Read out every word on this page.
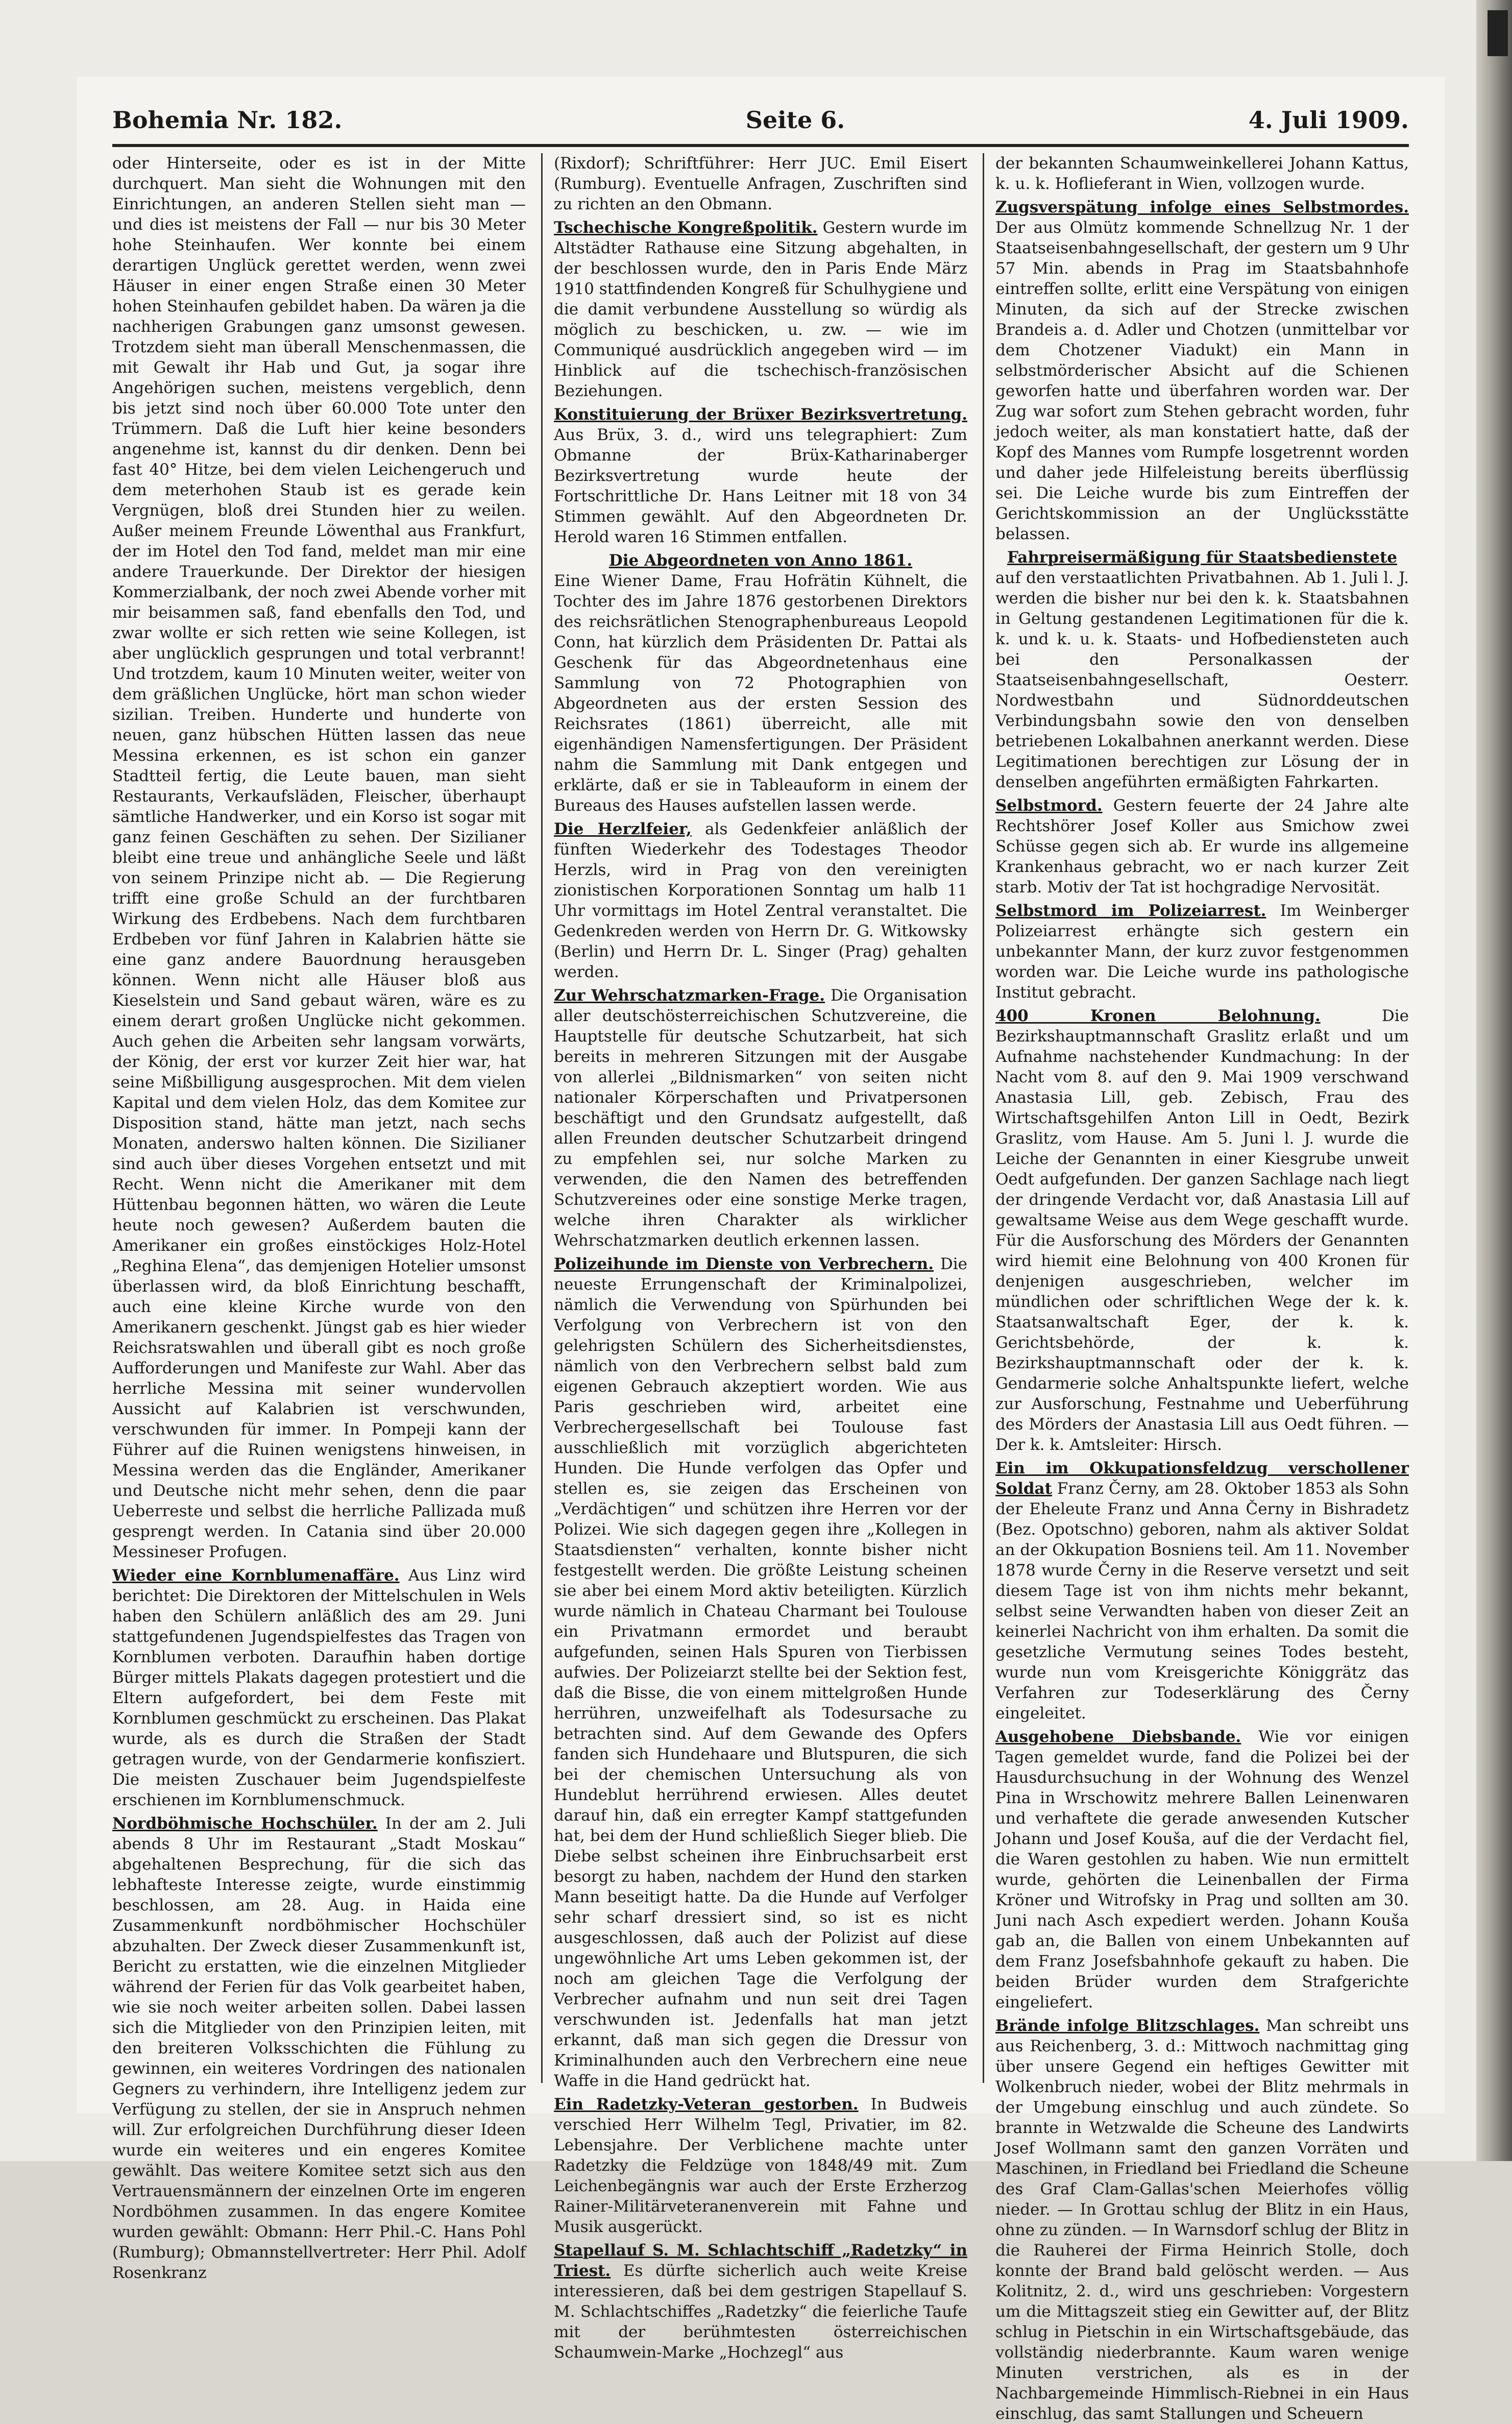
Bohemia Nr. 182.	Seite 6.	4. Juli 1909.

oder Hinterseite, oder es ist in der Mitte durchquert. Man sieht die Wohnungen mit den Einrichtungen, an anderen Stellen sieht man — und dies ist meistens der Fall — nur bis 30 Meter hohe Steinhaufen. Wer konnte bei einem derartigen Unglück gerettet werden, wenn zwei Häuser in einer engen Straße einen 30 Meter hohen Steinhaufen gebildet haben. Da wären ja die nachherigen Grabungen ganz umsonst gewesen. Trotzdem sieht man überall Menschenmassen, die mit Gewalt ihr Hab und Gut, ja sogar ihre Angehörigen suchen, meistens vergeblich, denn bis jetzt sind noch über 60.000 Tote unter den Trümmern. Daß die Luft hier keine besonders angenehme ist, kannst du dir denken. Denn bei fast 40° Hitze, bei dem vielen Leichengeruch und dem meterhohen Staub ist es gerade kein Vergnügen, bloß drei Stunden hier zu weilen. Außer meinem Freunde Löwenthal aus Frankfurt, der im Hotel den Tod fand, meldet man mir eine andere Trauerkunde. Der Direktor der hiesigen Kommerzialbank, der noch zwei Abende vorher mit mir beisammen saß, fand ebenfalls den Tod, und zwar wollte er sich retten wie seine Kollegen, ist aber unglücklich gesprungen und total verbrannt! Und trotzdem, kaum 10 Minuten weiter, weiter von dem gräßlichen Unglücke, hört man schon wieder sizilian. Treiben. Hunderte und hunderte von neuen, ganz hübschen Hütten lassen das neue Messina erkennen, es ist schon ein ganzer Stadtteil fertig, die Leute bauen, man sieht Restaurants, Verkaufsläden, Fleischer, überhaupt sämtliche Handwerker, und ein Korso ist sogar mit ganz feinen Geschäften zu sehen. Der Sizilianer bleibt eine treue und anhängliche Seele und läßt von seinem Prinzipe nicht ab. — Die Regierung trifft eine große Schuld an der furchtbaren Wirkung des Erdbebens. Nach dem furchtbaren Erdbeben vor fünf Jahren in Kalabrien hätte sie eine ganz andere Bauordnung herausgeben können. Wenn nicht alle Häuser bloß aus Kieselstein und Sand gebaut wären, wäre es zu einem derart großen Unglücke nicht gekommen. Auch gehen die Arbeiten sehr langsam vorwärts, der König, der erst vor kurzer Zeit hier war, hat seine Mißbilligung ausgesprochen. Mit dem vielen Kapital und dem vielen Holz, das dem Komitee zur Disposition stand, hätte man jetzt, nach sechs Monaten, anderswo halten können. Die Sizilianer sind auch über dieses Vorgehen entsetzt und mit Recht. Wenn nicht die Amerikaner mit dem Hüttenbau begonnen hätten, wo wären die Leute heute noch gewesen? Außerdem bauten die Amerikaner ein großes einstöckiges Holz-Hotel „Reghina Elena“, das demjenigen Hotelier umsonst überlassen wird, da bloß Einrichtung beschafft, auch eine kleine Kirche wurde von den Amerikanern geschenkt. Jüngst gab es hier wieder Reichsratswahlen und überall gibt es noch große Aufforderungen und Manifeste zur Wahl. Aber das herrliche Messina mit seiner wundervollen Aussicht auf Kalabrien ist verschwunden, verschwunden für immer. In Pompeji kann der Führer auf die Ruinen wenigstens hinweisen, in Messina werden das die Engländer, Amerikaner und Deutsche nicht mehr sehen, denn die paar Ueberreste und selbst die herrliche Pallizada muß gesprengt werden. In Catania sind über 20.000 Messineser Profugen.

Wieder eine Kornblumenaffäre. Aus Linz wird berichtet: Die Direktoren der Mittelschulen in Wels haben den Schülern anläßlich des am 29. Juni stattgefundenen Jugendspielfestes das Tragen von Kornblumen verboten. Daraufhin haben dortige Bürger mittels Plakats dagegen protestiert und die Eltern aufgefordert, bei dem Feste mit Kornblumen geschmückt zu erscheinen. Das Plakat wurde, als es durch die Straßen der Stadt getragen wurde, von der Gendarmerie konfisziert. Die meisten Zuschauer beim Jugendspielfeste erschienen im Kornblumenschmuck.

Nordböhmische Hochschüler. In der am 2. Juli abends 8 Uhr im Restaurant „Stadt Moskau“ abgehaltenen Besprechung, für die sich das lebhafteste Interesse zeigte, wurde einstimmig beschlossen, am 28. Aug. in Haida eine Zusammenkunft nordböhmischer Hochschüler abzuhalten. Der Zweck dieser Zusammenkunft ist, Bericht zu erstatten, wie die einzelnen Mitglieder während der Ferien für das Volk gearbeitet haben, wie sie noch weiter arbeiten sollen. Dabei lassen sich die Mitglieder von den Prinzipien leiten, mit den breiteren Volksschichten die Fühlung zu gewinnen, ein weiteres Vordringen des nationalen Gegners zu verhindern, ihre Intelligenz jedem zur Verfügung zu stellen, der sie in Anspruch nehmen will. Zur erfolgreichen Durchführung dieser Ideen wurde ein weiteres und ein engeres Komitee gewählt. Das weitere Komitee setzt sich aus den Vertrauensmännern der einzelnen Orte im engeren Nordböhmen zusammen. In das engere Komitee wurden gewählt: Obmann: Herr Phil.-C. Hans Pohl (Rumburg); Obmannstellvertreter: Herr Phil. Adolf Rosenkranz

(Rixdorf); Schriftführer: Herr JUC. Emil Eisert (Rumburg). Eventuelle Anfragen, Zuschriften sind zu richten an den Obmann.

Tschechische Kongreßpolitik. Gestern wurde im Altstädter Rathause eine Sitzung abgehalten, in der beschlossen wurde, den in Paris Ende März 1910 stattfindenden Kongreß für Schulhygiene und die damit verbundene Ausstellung so würdig als möglich zu beschicken, u. zw. — wie im Communiqué ausdrücklich angegeben wird — im Hinblick auf die tschechisch-französischen Beziehungen.

Konstituierung der Brüxer Bezirksvertretung. Aus Brüx, 3. d., wird uns telegraphiert: Zum Obmanne der Brüx-Katharinaberger Bezirksvertretung wurde heute der Fortschrittliche Dr. Hans Leitner mit 18 von 34 Stimmen gewählt. Auf den Abgeordneten Dr. Herold waren 16 Stimmen entfallen.

Die Abgeordneten von Anno 1861.
Eine Wiener Dame, Frau Hofrätin Kühnelt, die Tochter des im Jahre 1876 gestorbenen Direktors des reichsrätlichen Stenographenbureaus Leopold Conn, hat kürzlich dem Präsidenten Dr. Pattai als Geschenk für das Abgeordnetenhaus eine Sammlung von 72 Photographien von Abgeordneten aus der ersten Session des Reichsrates (1861) überreicht, alle mit eigenhändigen Namensfertigungen. Der Präsident nahm die Sammlung mit Dank entgegen und erklärte, daß er sie in Tableauform in einem der Bureaus des Hauses aufstellen lassen werde.

Die Herzlfeier, als Gedenkfeier anläßlich der fünften Wiederkehr des Todestages Theodor Herzls, wird in Prag von den vereinigten zionistischen Korporationen Sonntag um halb 11 Uhr vormittags im Hotel Zentral veranstaltet. Die Gedenkreden werden von Herrn Dr. G. Witkowsky (Berlin) und Herrn Dr. L. Singer (Prag) gehalten werden.

Zur Wehrschatzmarken-Frage. Die Organisation aller deutschösterreichischen Schutzvereine, die Hauptstelle für deutsche Schutzarbeit, hat sich bereits in mehreren Sitzungen mit der Ausgabe von allerlei „Bildnismarken“ von seiten nicht nationaler Körperschaften und Privatpersonen beschäftigt und den Grundsatz aufgestellt, daß allen Freunden deutscher Schutzarbeit dringend zu empfehlen sei, nur solche Marken zu verwenden, die den Namen des betreffenden Schutzvereines oder eine sonstige Merke tragen, welche ihren Charakter als wirklicher Wehrschatzmarken deutlich erkennen lassen.

Polizeihunde im Dienste von Verbrechern. Die neueste Errungenschaft der Kriminalpolizei, nämlich die Verwendung von Spürhunden bei Verfolgung von Verbrechern ist von den gelehrigsten Schülern des Sicherheitsdienstes, nämlich von den Verbrechern selbst bald zum eigenen Gebrauch akzeptiert worden. Wie aus Paris geschrieben wird, arbeitet eine Verbrechergesellschaft bei Toulouse fast ausschließlich mit vorzüglich abgerichteten Hunden. Die Hunde verfolgen das Opfer und stellen es, sie zeigen das Erscheinen von „Verdächtigen“ und schützen ihre Herren vor der Polizei. Wie sich dagegen gegen ihre „Kollegen in Staatsdiensten“ verhalten, konnte bisher nicht festgestellt werden. Die größte Leistung scheinen sie aber bei einem Mord aktiv beteiligten. Kürzlich wurde nämlich in Chateau Charmant bei Toulouse ein Privatmann ermordet und beraubt aufgefunden, seinen Hals Spuren von Tierbissen aufwies. Der Polizeiarzt stellte bei der Sektion fest, daß die Bisse, die von einem mittelgroßen Hunde herrühren, unzweifelhaft als Todesursache zu betrachten sind. Auf dem Gewande des Opfers fanden sich Hundehaare und Blutspuren, die sich bei der chemischen Untersuchung als von Hundeblut herrührend erwiesen. Alles deutet darauf hin, daß ein erregter Kampf stattgefunden hat, bei dem der Hund schließlich Sieger blieb. Die Diebe selbst scheinen ihre Einbruchsarbeit erst besorgt zu haben, nachdem der Hund den starken Mann beseitigt hatte. Da die Hunde auf Verfolger sehr scharf dressiert sind, so ist es nicht ausgeschlossen, daß auch der Polizist auf diese ungewöhnliche Art ums Leben gekommen ist, der noch am gleichen Tage die Verfolgung der Verbrecher aufnahm und nun seit drei Tagen verschwunden ist. Jedenfalls hat man jetzt erkannt, daß man sich gegen die Dressur von Kriminalhunden auch den Verbrechern eine neue Waffe in die Hand gedrückt hat.

Ein Radetzky-Veteran gestorben. In Budweis verschied Herr Wilhelm Tegl, Privatier, im 82. Lebensjahre. Der Verblichene machte unter Radetzky die Feldzüge von 1848/49 mit. Zum Leichenbegängnis war auch der Erste Erzherzog Rainer-Militärveteranenverein mit Fahne und Musik ausgerückt.

Stapellauf S. M. Schlachtschiff „Radetzky“ in Triest. Es dürfte sicherlich auch weite Kreise interessieren, daß bei dem gestrigen Stapellauf S. M. Schlachtschiffes „Radetzky“ die feierliche Taufe mit der berühmtesten österreichischen Schaumwein-Marke „Hochzegl“ aus

der bekannten Schaumweinkellerei Johann Kattus, k. u. k. Hoflieferant in Wien, vollzogen wurde.

Zugsverspätung infolge eines Selbstmordes. Der aus Olmütz kommende Schnellzug Nr. 1 der Staatseisenbahngesellschaft, der gestern um 9 Uhr 57 Min. abends in Prag im Staatsbahnhofe eintreffen sollte, erlitt eine Verspätung von einigen Minuten, da sich auf der Strecke zwischen Brandeis a. d. Adler und Chotzen (unmittelbar vor dem Chotzener Viadukt) ein Mann in selbstmörderischer Absicht auf die Schienen geworfen hatte und überfahren worden war. Der Zug war sofort zum Stehen gebracht worden, fuhr jedoch weiter, als man konstatiert hatte, daß der Kopf des Mannes vom Rumpfe losgetrennt worden und daher jede Hilfeleistung bereits überflüssig sei. Die Leiche wurde bis zum Eintreffen der Gerichtskommission an der Unglücksstätte belassen.

Fahrpreisermäßigung für Staatsbedienstete
auf den verstaatlichten Privatbahnen. Ab 1. Juli l. J. werden die bisher nur bei den k. k. Staatsbahnen in Geltung gestandenen Legitimationen für die k. k. und k. u. k. Staats- und Hofbediensteten auch bei den Personalkassen der Staatseisenbahngesellschaft, Oesterr. Nordwestbahn und Südnorddeutschen Verbindungsbahn sowie den von denselben betriebenen Lokalbahnen anerkannt werden. Diese Legitimationen berechtigen zur Lösung der in denselben angeführten ermäßigten Fahrkarten.

Selbstmord. Gestern feuerte der 24 Jahre alte Rechtshörer Josef Koller aus Smichow zwei Schüsse gegen sich ab. Er wurde ins allgemeine Krankenhaus gebracht, wo er nach kurzer Zeit starb. Motiv der Tat ist hochgradige Nervosität.

Selbstmord im Polizeiarrest. Im Weinberger Polizeiarrest erhängte sich gestern ein unbekannter Mann, der kurz zuvor festgenommen worden war. Die Leiche wurde ins pathologische Institut gebracht.

400 Kronen Belohnung.	Die Bezirkshauptmannschaft Graslitz erlaßt und um Aufnahme nachstehender Kundmachung: In der Nacht vom 8. auf den 9. Mai 1909 verschwand Anastasia Lill, geb. Zebisch, Frau des Wirtschaftsgehilfen Anton Lill in Oedt, Bezirk Graslitz, vom Hause. Am 5. Juni l. J. wurde die Leiche der Genannten in einer Kiesgrube unweit Oedt aufgefunden. Der ganzen Sachlage nach liegt der dringende Verdacht vor, daß Anastasia Lill auf gewaltsame Weise aus dem Wege geschafft wurde. Für die Ausforschung des Mörders der Genannten wird hiemit eine Belohnung von 400 Kronen für denjenigen ausgeschrieben, welcher im mündlichen oder schriftlichen Wege der k. k. Staatsanwaltschaft Eger, der k. k. Gerichtsbehörde, der k. k. Bezirkshauptmannschaft oder der k. k. Gendarmerie solche Anhaltspunkte liefert, welche zur Ausforschung, Festnahme und Ueberführung des Mörders der Anastasia Lill aus Oedt führen. — Der k. k. Amtsleiter: Hirsch.

Ein im Okkupationsfeldzug verschollener Soldat Franz Černy, am 28. Oktober 1853 als Sohn der Eheleute Franz und Anna Černy in Bishradetz (Bez. Opotschno) geboren, nahm als aktiver Soldat an der Okkupation Bosniens teil. Am 11. November 1878 wurde Černy in die Reserve versetzt und seit diesem Tage ist von ihm nichts mehr bekannt, selbst seine Verwandten haben von dieser Zeit an keinerlei Nachricht von ihm erhalten. Da somit die gesetzliche Vermutung seines Todes besteht, wurde nun vom Kreisgerichte Königgrätz das Verfahren zur Todeserklärung des Černy eingeleitet.

Ausgehobene Diebsbande. Wie vor einigen Tagen gemeldet wurde, fand die Polizei bei der Hausdurchsuchung in der Wohnung des Wenzel Pina in Wrschowitz mehrere Ballen Leinenwaren und verhaftete die gerade anwesenden Kutscher Johann und Josef Kouša, auf die der Verdacht fiel, die Waren gestohlen zu haben. Wie nun ermittelt wurde, gehörten die Leinenballen der Firma Kröner und Witrofsky in Prag und sollten am 30. Juni nach Asch expediert werden. Johann Kouša gab an, die Ballen von einem Unbekannten auf dem Franz Josefsbahnhofe gekauft zu haben. Die beiden Brüder wurden dem Strafgerichte eingeliefert.

Brände infolge Blitzschlages. Man schreibt uns aus Reichenberg, 3. d.: Mittwoch nachmittag ging über unsere Gegend ein heftiges Gewitter mit Wolkenbruch nieder, wobei der Blitz mehrmals in der Umgebung einschlug und auch zündete. So brannte in Wetzwalde die Scheune des Landwirts Josef Wollmann samt den ganzen Vorräten und Maschinen, in Friedland bei Friedland die Scheune des Graf Clam-Gallas'schen Meierhofes völlig nieder. — In Grottau schlug der Blitz in ein Haus, ohne zu zünden. — In Warnsdorf schlug der Blitz in die Rauherei der Firma Heinrich Stolle, doch konnte der Brand bald gelöscht werden. — Aus Kolitnitz, 2. d., wird uns geschrieben: Vorgestern um die Mittagszeit stieg ein Gewitter auf, der Blitz schlug in Pietschin in ein Wirtschaftsgebäude, das vollständig niederbrannte. Kaum waren wenige Minuten verstrichen, als es in der Nachbargemeinde Himmlisch-Riebnei in ein Haus einschlug, das samt Stallungen und Scheuern
